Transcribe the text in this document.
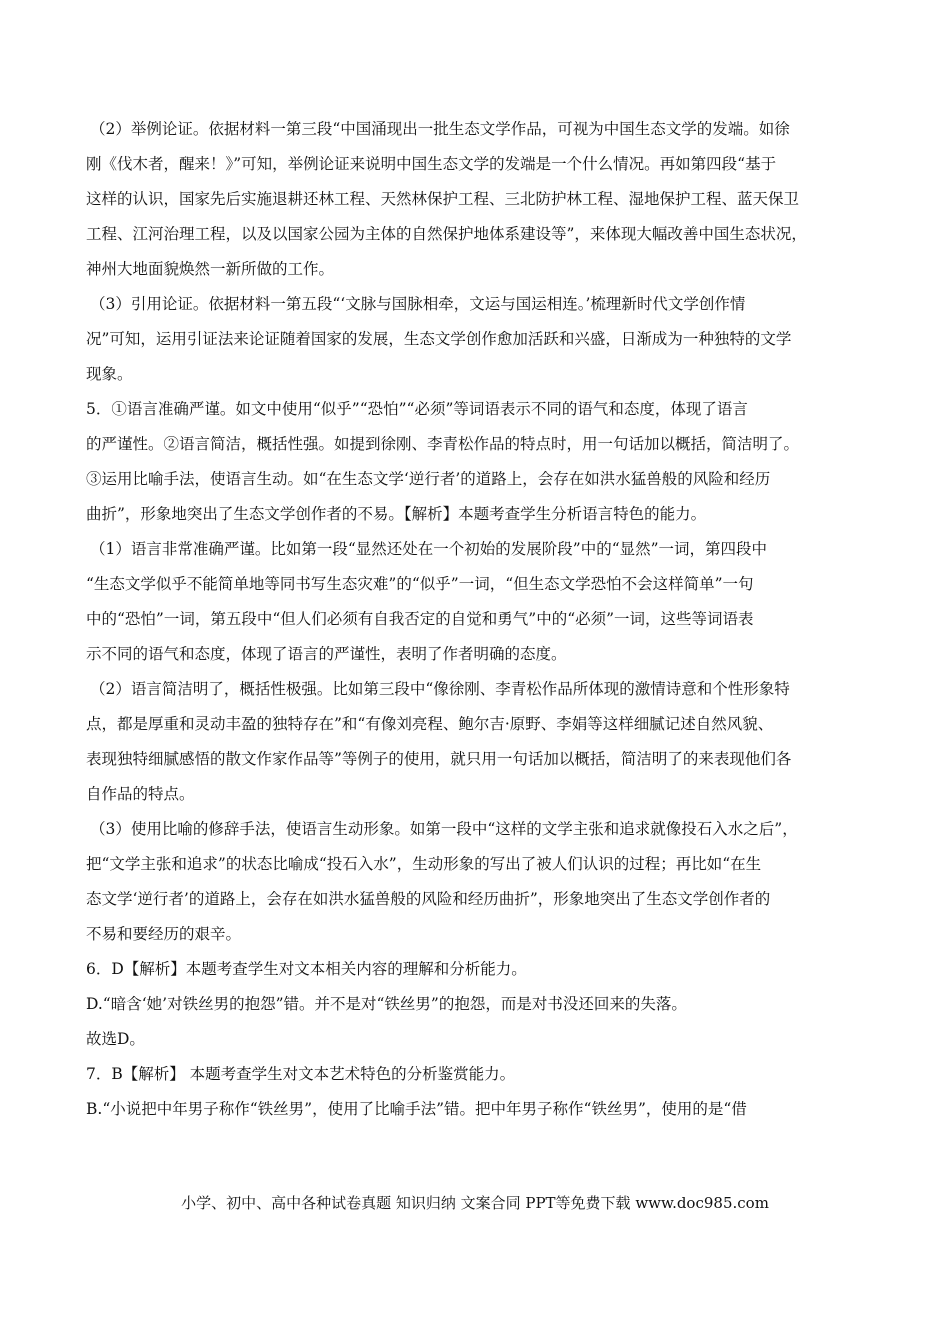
（2）举例论证。依据材料一第三段“中国涌现出一批生态文学作品，可视为中国生态文学的发端。如徐
刚《伐木者，醒来！》”可知，举例论证来说明中国生态文学的发端是一个什么情况。再如第四段“基于
这样的认识，国家先后实施退耕还林工程、天然林保护工程、三北防护林工程、湿地保护工程、蓝天保卫
工程、江河治理工程，以及以国家公园为主体的自然保护地体系建设等”，来体现大幅改善中国生态状况，
神州大地面貌焕然一新所做的工作。
（3）引用论证。依据材料一第五段“‘文脉与国脉相牵，文运与国运相连。’梳理新时代文学创作情
况”可知，运用引证法来论证随着国家的发展，生态文学创作愈加活跃和兴盛，日渐成为一种独特的文学
现象。
5．①语言准确严谨。如文中使用“似乎”“恐怕”“必须”等词语表示不同的语气和态度，体现了语言
的严谨性。②语言简洁，概括性强。如提到徐刚、李青松作品的特点时，用一句话加以概括，简洁明了。
③运用比喻手法，使语言生动。如“在生态文学‘逆行者’的道路上，会存在如洪水猛兽般的风险和经历
曲折”，形象地突出了生态文学创作者的不易。【解析】本题考查学生分析语言特色的能力。
（1）语言非常准确严谨。比如第一段“显然还处在一个初始的发展阶段”中的“显然”一词，第四段中
“生态文学似乎不能简单地等同书写生态灾难”的“似乎”一词，“但生态文学恐怕不会这样简单”一句
中的“恐怕”一词，第五段中“但人们必须有自我否定的自觉和勇气”中的“必须”一词，这些等词语表
示不同的语气和态度，体现了语言的严谨性，表明了作者明确的态度。
（2）语言简洁明了，概括性极强。比如第三段中“像徐刚、李青松作品所体现的激情诗意和个性形象特
点，都是厚重和灵动丰盈的独特存在”和“有像刘亮程、鲍尔吉·原野、李娟等这样细腻记述自然风貌、
表现独特细腻感悟的散文作家作品等”等例子的使用，就只用一句话加以概括，简洁明了的来表现他们各
自作品的特点。
（3）使用比喻的修辞手法，使语言生动形象。如第一段中“这样的文学主张和追求就像投石入水之后”，
把“文学主张和追求”的状态比喻成“投石入水”，生动形象的写出了被人们认识的过程；再比如“在生
态文学‘逆行者’的道路上，会存在如洪水猛兽般的风险和经历曲折”，形象地突出了生态文学创作者的
不易和要经历的艰辛。
6．D【解析】本题考查学生对文本相关内容的理解和分析能力。
D.“暗含‘她’对铁丝男的抱怨”错。并不是对“铁丝男”的抱怨，而是对书没还回来的失落。
故选D。
7．B【解析】 本题考查学生对文本艺术特色的分析鉴赏能力。
B.“小说把中年男子称作“铁丝男”，使用了比喻手法”错。把中年男子称作“铁丝男”，使用的是“借
小学、初中、高中各种试卷真题 知识归纳 文案合同 PPT等免费下载 www.doc985.com
